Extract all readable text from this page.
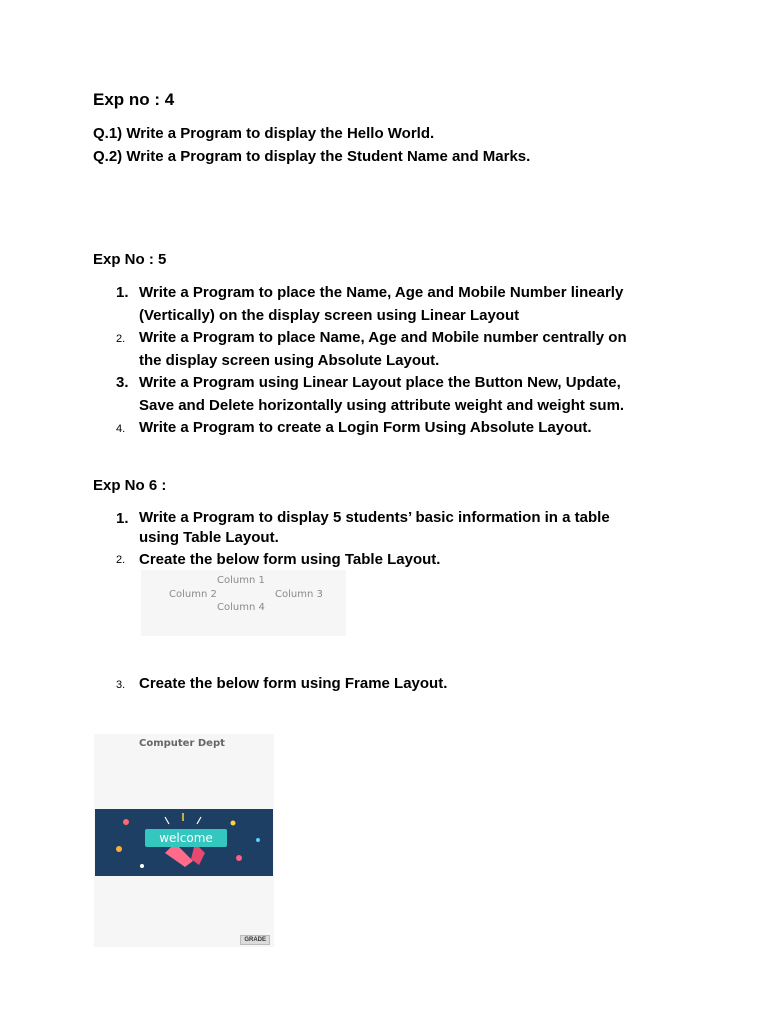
Exp no : 4
Q.1) Write a Program to display the Hello World.
Q.2) Write a Program to display the Student Name and Marks.
Exp No : 5
1. Write a Program to place the Name, Age and Mobile Number linearly
(Vertically) on the display screen using Linear Layout
2. Write a Program to place Name, Age and Mobile number centrally on
the display screen using Absolute Layout.
3. Write a Program using Linear Layout place the Button New, Update,
Save and Delete horizontally using attribute weight and weight sum.
4. Write a Program to create a Login Form Using Absolute Layout.
Exp No 6 :
1. Write a Program to display 5 students’ basic information in a table
using Table Layout.
2. Create the below form using Table Layout.
Column 1
Column 2	Column 3
Column 4
3. Create the below form using Frame Layout.
Computer Dept
welcome
GRADE
